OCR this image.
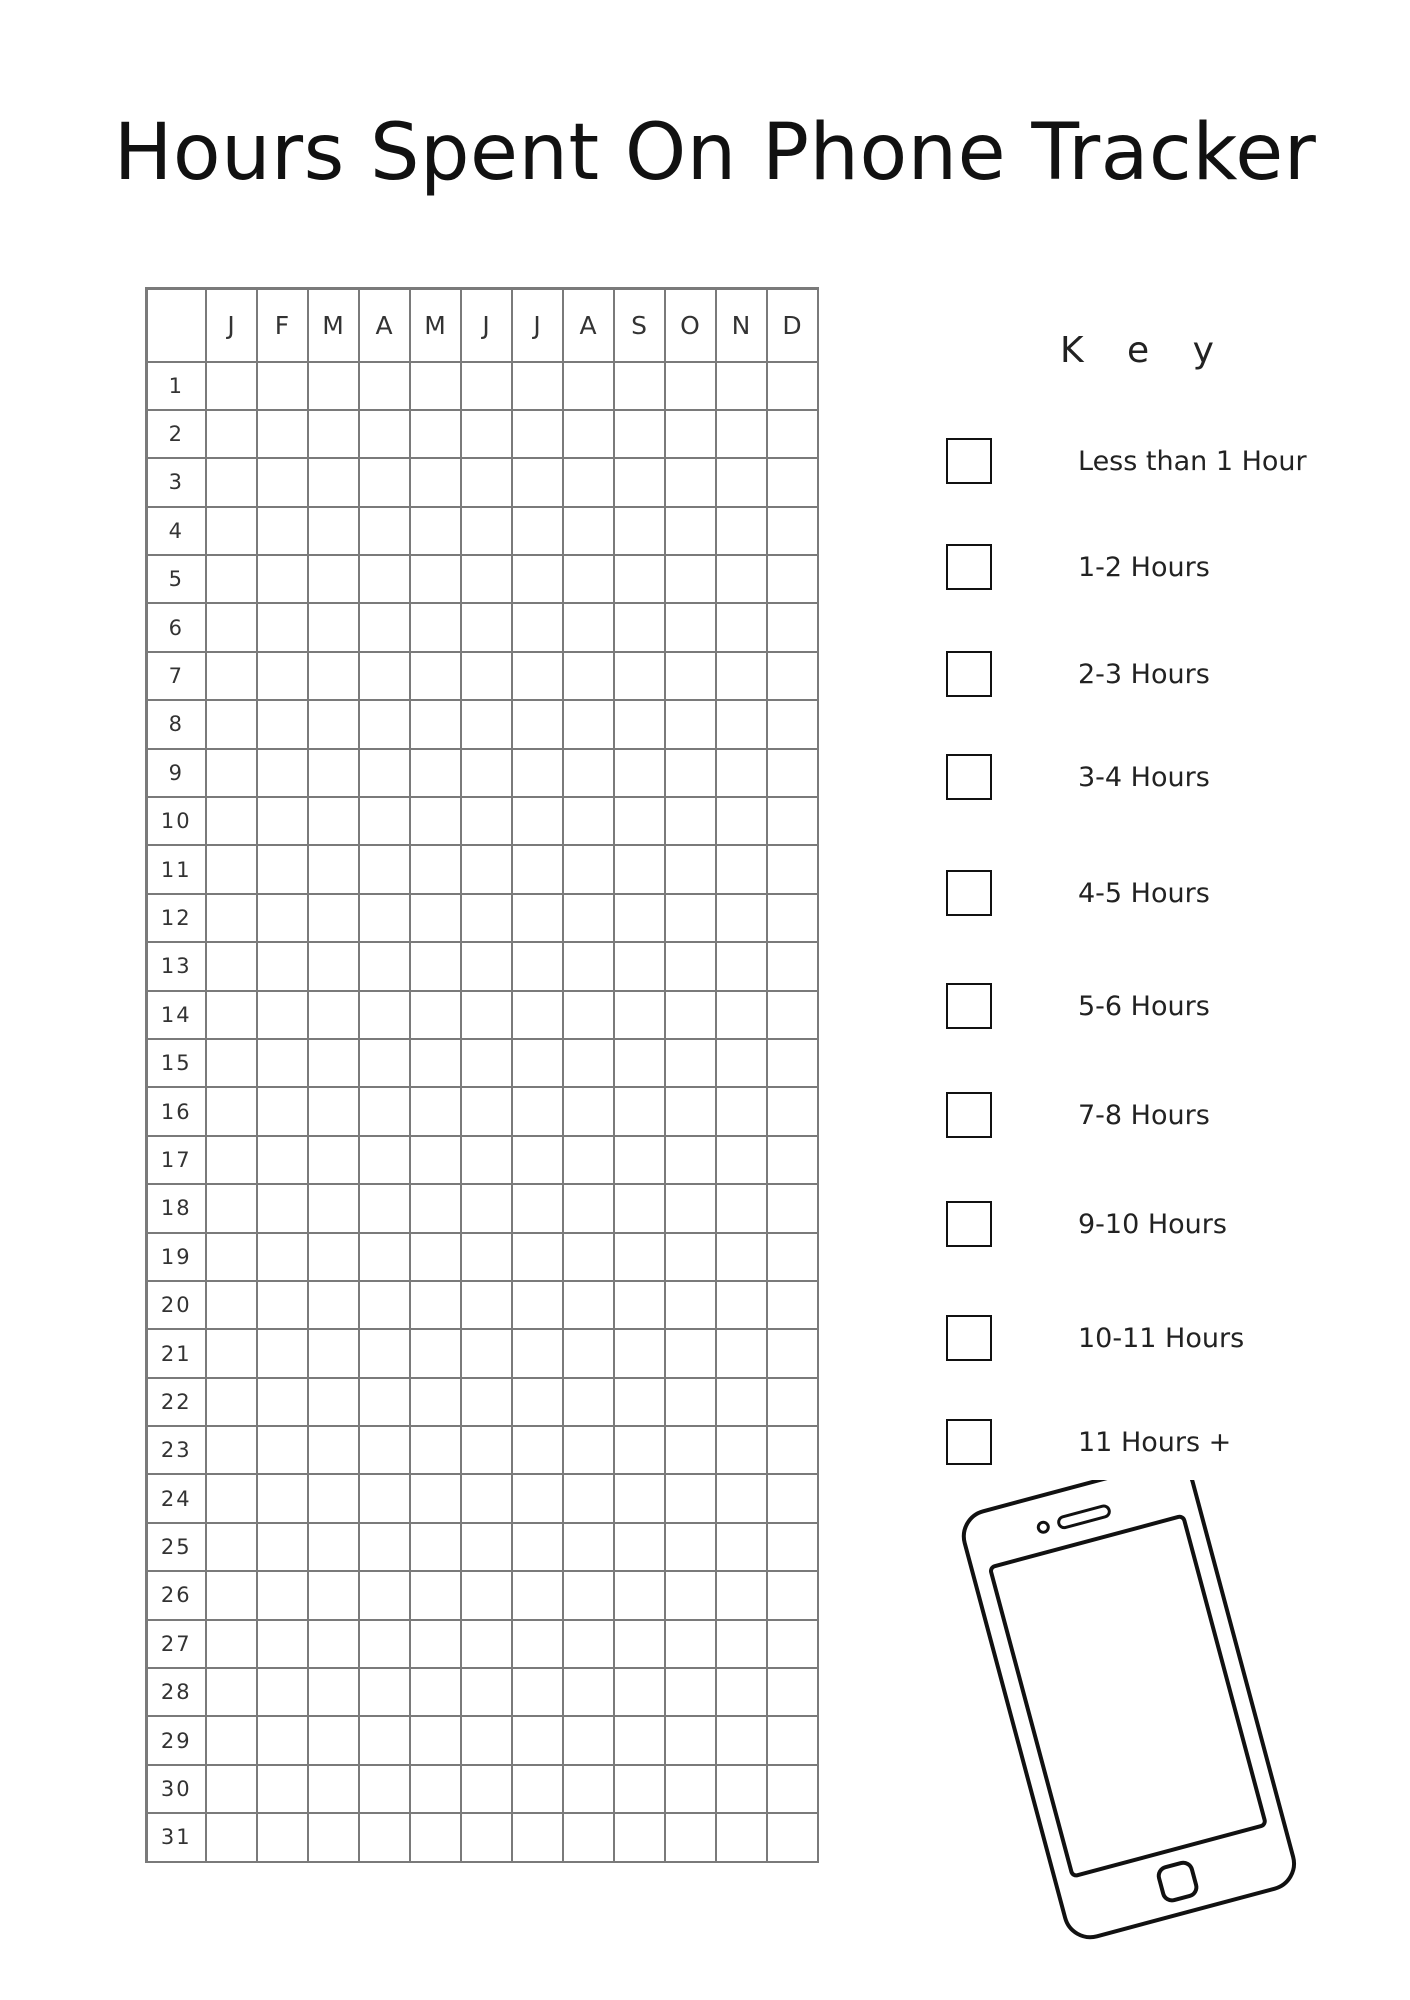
Hours Spent On Phone Tracker
	J	F	M	A	M	J	J	A	S	O	N	D
1												
2												
3												
4												
5												
6												
7												
8												
9												
10												
11												
12												
13												
14												
15												
16												
17												
18												
19												
20												
21												
22												
23												
24												
25												
26												
27												
28												
29												
30												
31												
K e y
Less than 1 Hour
1-2 Hours
2-3 Hours
3-4 Hours
4-5 Hours
5-6 Hours
7-8 Hours
9-10 Hours
10-11 Hours
11 Hours +
